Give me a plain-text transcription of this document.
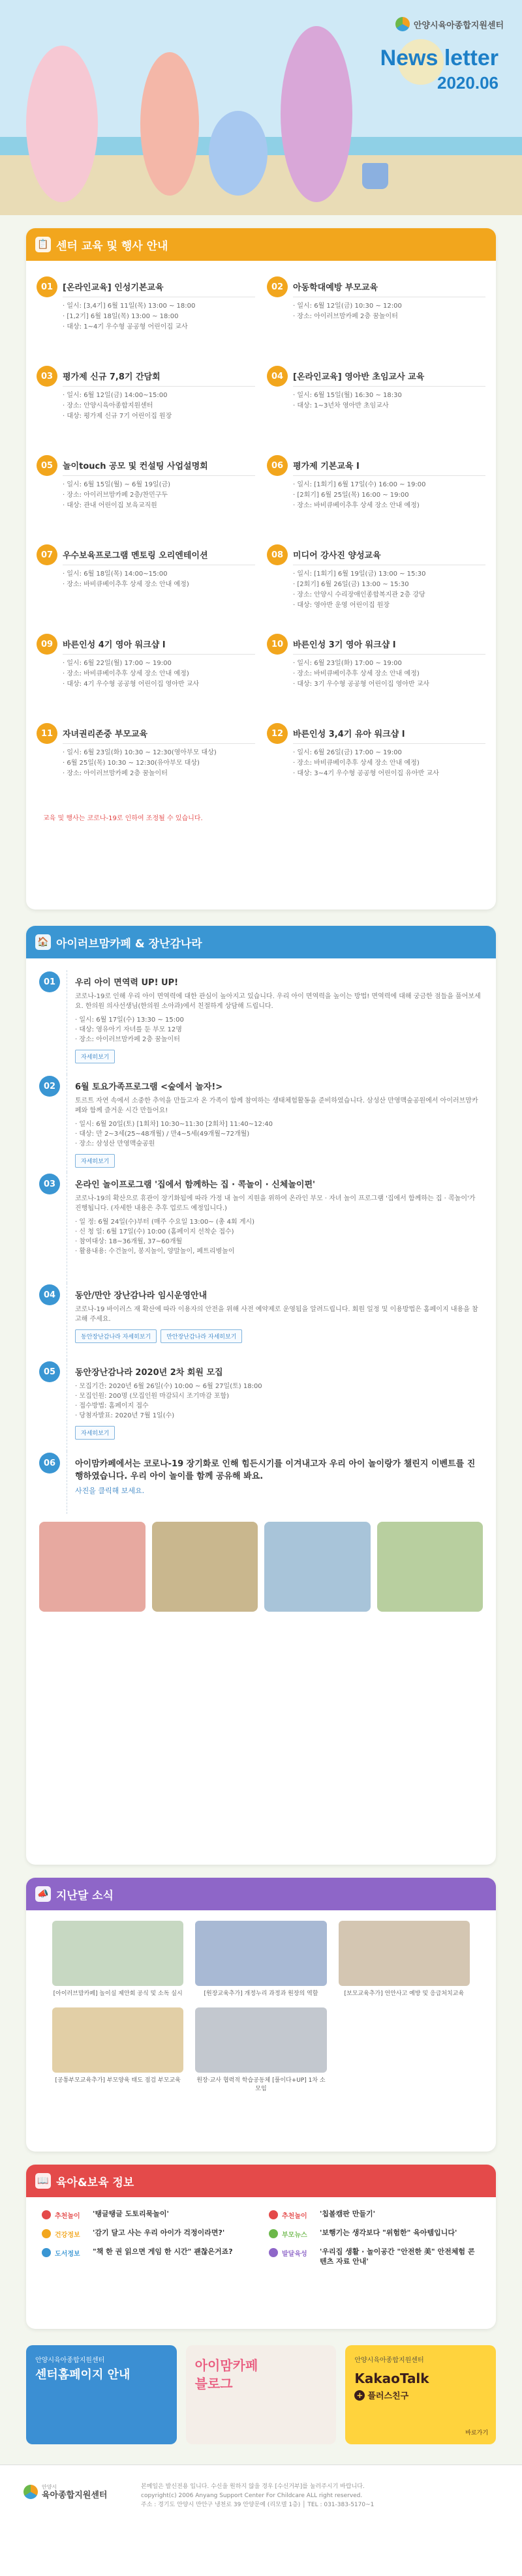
안양시육아종합지원센터
News letter
2020.06
📋 센터 교육 및 행사 안내
01	[온라인교육] 인성기본교육
· 일시: [3,4기] 6월 11일(목) 13:00 ~ 18:00
· [1,2기] 6월 18일(목) 13:00 ~ 18:00
· 대상: 1~4기 우수형 공공형 어린이집 교사
02	아동학대예방 부모교육
· 일시: 6월 12일(금) 10:30 ~ 12:00
· 장소: 아이러브맘카페 2층 꿈놀이터
03	평가제 신규 7,8기 간담회
· 일시: 6월 12일(금) 14:00~15:00
· 장소: 안양시육아종합지원센터
· 대상: 평가제 신규 7기 어린이집 원장
04	[온라인교육] 영아반 초임교사 교육
· 일시: 6월 15일(월) 16:30 ~ 18:30
· 대상: 1~3년차 영아반 초임교사
05	놀이touch 공모 및 컨설팅 사업설명회
· 일시: 6월 15일(월) ~ 6월 19일(금)
· 장소: 아이러브맘카페 2층/찬민구두
· 대상: 관내 어린이집 보육교직원
06	평가제 기본교육 Ⅰ
· 일시: [1회기] 6월 17일(수) 16:00 ~ 19:00
· [2회기] 6월 25일(목) 16:00 ~ 19:00
· 장소: 바비큐베이추후 상세 장소 안내 예정)
07	우수보육프로그램 멘토링 오리엔테이션
· 일시: 6월 18일(목) 14:00~15:00
· 장소: 바비큐베이추후 상세 장소 안내 예정)
08	미디어 강사진 양성교육
· 일시: [1회기] 6월 19일(금) 13:00 ~ 15:30
· [2회기] 6월 26일(금) 13:00 ~ 15:30
· 장소: 안양시 수리장애인종합복지관 2층 강당
· 대상: 영아반 운영 어린이집 원장
09	바른인성 4기 영아 워크샵 Ⅰ
· 일시: 6월 22일(월) 17:00 ~ 19:00
· 장소: 바비큐베이추후 상세 장소 안내 예정)
· 대상: 4기 우수형 공공형 어린이집 영아반 교사
10	바른인성 3기 영아 워크샵 Ⅰ
· 일시: 6월 23일(화) 17:00 ~ 19:00
· 장소: 바비큐베이추후 상세 장소 안내 예정)
· 대상: 3기 우수형 공공형 어린이집 영아반 교사
11	자녀권리존중 부모교육
· 일시: 6월 23일(화) 10:30 ~ 12:30(영아부모 대상)
· 6월 25일(목) 10:30 ~ 12:30(유아부모 대상)
· 장소: 아이러브맘카페 2층 꿈놀이터
12	바른인성 3,4기 유아 워크샵 Ⅰ
· 일시: 6월 26일(금) 17:00 ~ 19:00
· 장소: 바비큐베이추후 상세 장소 안내 예정)
· 대상: 3~4기 우수형 공공형 어린이집 유아반 교사
교육 및 행사는 코로나-19로 인하여 조정될 수 있습니다.
🏠 아이러브맘카페 & 장난감나라
01	우리 아이 면역력 UP! UP!
코로나-19로 인해 우리 아이 면역력에 대한 관심이 높아지고 있습니다. 우리 아이 면역력을 높이는 방법! 면역력에 대해 궁금한 점들을 풀어보세요. 한의원 의사선생님(한의원 소아과)에서 친절하게 상담해 드립니다.
· 일시: 6월 17일(수) 13:30 ~ 15:00
· 대상: 영유아기 자녀를 둔 부모 12명
· 장소: 아이러브맘카페 2층 꿈놀이터
자세히보기
02	6월 토요가족프로그램 <숲에서 놀자!>
토르트 자연 속에서 소중한 추억을 만들고자 온 가족이 함께 참여하는 생태체험활동을 준비하였습니다. 삼성산 만영맥숲공원에서 아이러브맘카페와 함께 즐거운 시간 만들어요!
· 일시: 6월 20일(토) [1회차] 10:30~11:30 [2회차] 11:40~12:40
· 대상: 만 2~3세(25~48개월) / 만4~5세(49개월~72개월)
· 장소: 삼성산 만영맥숲공원
자세히보기
03	온라인 놀이프로그램 '집에서 함께하는 집 · 콕놀이 · 신체놀이편'
코로나-19의 확산으로 휴관이 장기화됨에 따라 가정 내 놀이 지원을 위하여 온라인 부모 · 자녀 놀이 프로그램 '집에서 함께하는 집 · 콕놀이'가 진행됩니다. (자세한 내용은 추후 업로드 예정입니다.)
· 일 정: 6월 24일(수)부터 (매주 수요일 13:00~ (총 4회 게시)
· 신 청 일: 6월 17일(수) 10:00 (홈페이지 선착순 접수)
· 참여대상: 18~36개월, 37~60개월
· 활용내용: 수건놀이, 봉지놀이, 양말놀이, 페트리병놀이
04	동안/만안 장난감나라 임시운영안내
코로나-19 바이러스 재 확산에 따라 이용자의 안전을 위해 사전 예약제로 운영됨을 알려드립니다. 회원 일정 및 이용방법은 홈페이지 내용을 참고해 주세요.
동안장난감나라 자세히보기	만안장난감나라 자세히보기
05	동안장난감나라 2020년 2차 회원 모집
· 모집기간: 2020년 6월 26일(수) 10:00 ~ 6월 27일(토) 18:00
· 모집인원: 200명 (모집인원 마감되시 조기마감 포함)
· 접수방법: 홈페이지 접수
· 당첨자발표: 2020년 7월 1일(수)
자세히보기
06	아이맘카페에서는 코로나-19 장기화로 인해 힘든시기를 이겨내고자 우리 아이 놀이랑가 챌린지 이벤트를 진행하였습니다. 우리 아이 놀이를 함께 공유해 봐요.
사진을 클릭해 보세요.
📣 지난달 소식
[아이러브맘카페] 놀이실 제안회 공식 및 소독 실시	[원장교육추가] 개정누리 과정과 원장의 역할	[보모교육추가] 언안사고 예방 및 응급처치교육
[공통부모교육추가] 부모양육 태도 점검 부모교육	원장·교사 협력적 학습공동체 [풀이다+UP] 1차 소모임
📖 육아&보육 정보
추천놀이	'탱글탱글 도토리묵놀이'	추천놀이	'칩볼캠판 만들기'
건강정보	'감기 달고 사는 우리 아이가 걱정이라면?'	부모뉴스	'보행기는 생각보다 "위험한" 육아템입니다'
도서정보	"책 한 권 읽으면 게임 한 시간" 괜찮은거죠?	발달육성	'우리집 생활 · 놀이공간 "안전한 美" 안전체험 콘텐츠 자료 안내'
안양시육아종합지원센터
센터홈페이지 안내
아이맘카페
블로그
안양시육아종합지원센터
KakaoTalk
+ 플러스친구
바로가기
안양시
육아종합지원센터
본메일은 발신전용 입니다. 수신을 원하지 않을 경우 [수신거부]를 눌러주시기 바랍니다.
copyright(c) 2006 Anyang Support Center For Childcare ALL right reserved.
주소 : 경기도 안양시 만안구 냉천로 39 안양문예 (리모델 1층) │ TEL : 031-383-5170~1
